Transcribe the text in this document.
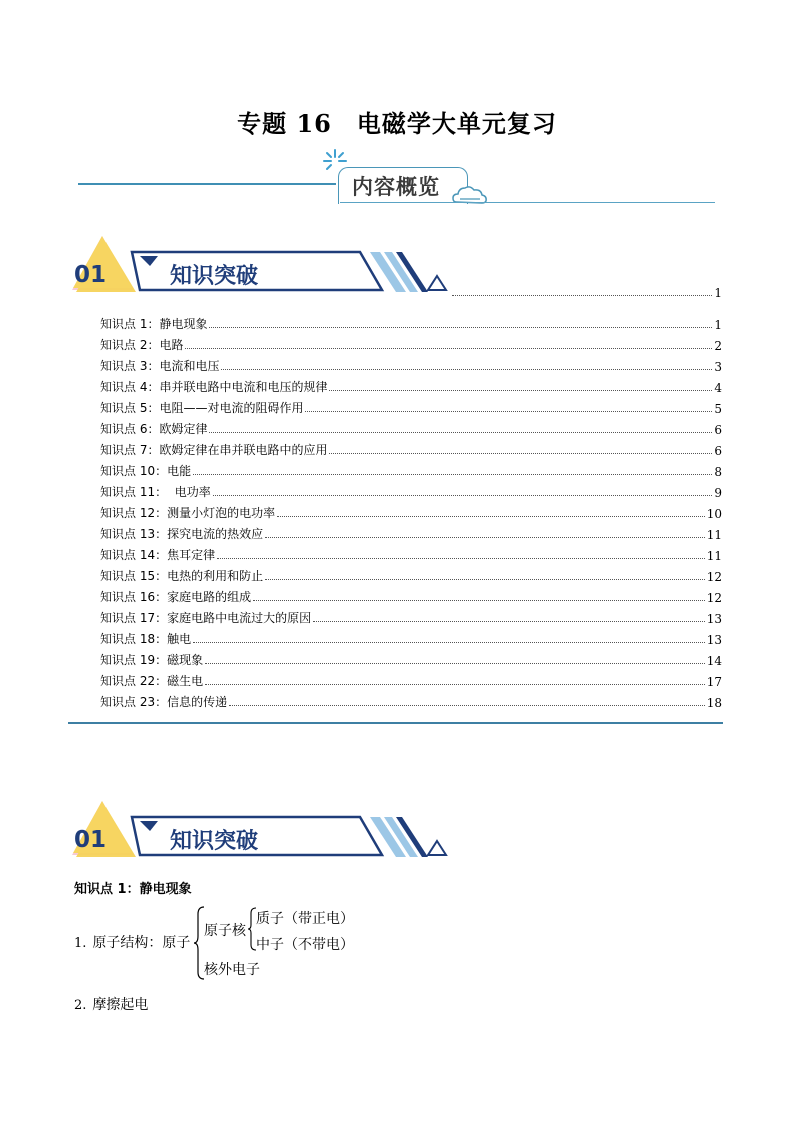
专题 16　电磁学大单元复习
内容概览
01	知识突破
1
知识点 1：静电现象	1
知识点 2：电路	2
知识点 3：电流和电压	3
知识点 4：串并联电路中电流和电压的规律	4
知识点 5：电阻——对电流的阻碍作用	5
知识点 6：欧姆定律	6
知识点 7：欧姆定律在串并联电路中的应用	6
知识点 10：电能	8
知识点 11：  电功率	9
知识点 12：测量小灯泡的电功率	10
知识点 13：探究电流的热效应	11
知识点 14：焦耳定律	11
知识点 15：电热的利用和防止	12
知识点 16：家庭电路的组成	12
知识点 17：家庭电路中电流过大的原因	13
知识点 18：触电	13
知识点 19：磁现象	14
知识点 22：磁生电	17
知识点 23：信息的传递	18
01	知识突破
知识点 1：静电现象
1. 原子结构：原子
原子核
质子（带正电）
中子（不带电）
核外电子
2. 摩擦起电
